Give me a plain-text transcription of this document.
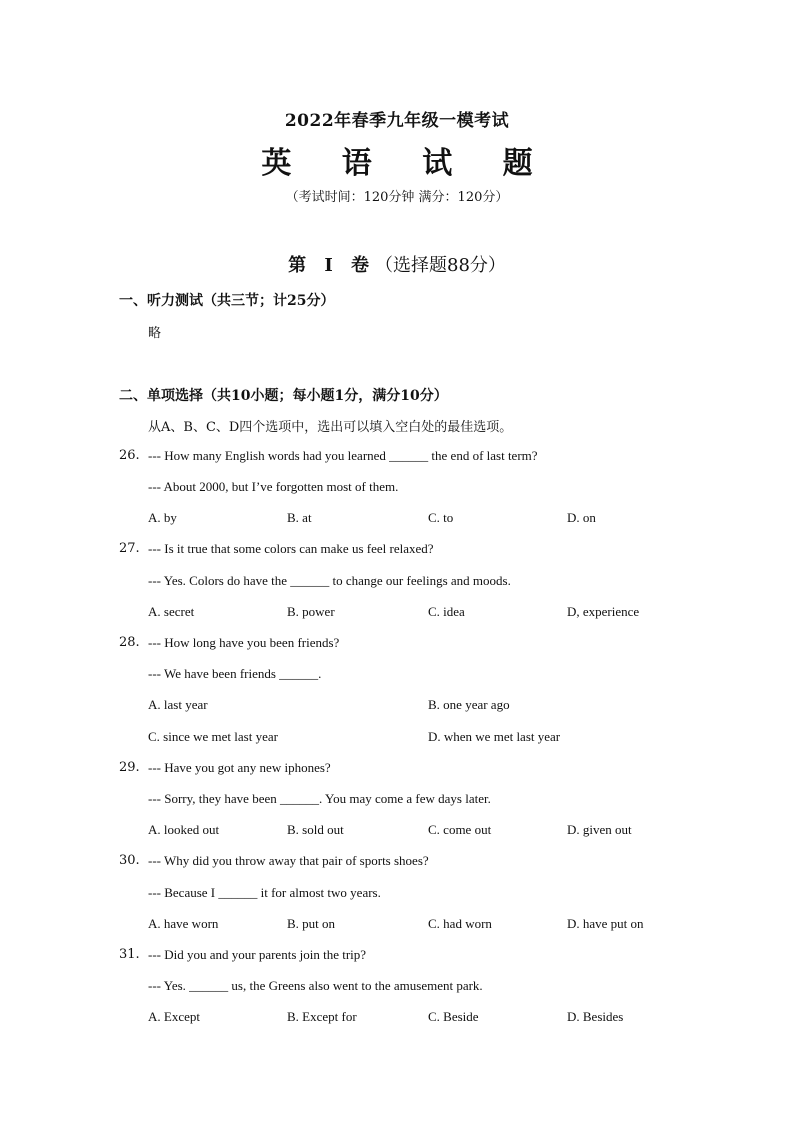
2022年春季九年级一模考试
英 语 试 题
（考试时间：120分钟 满分：120分）
第 Ⅰ 卷（选择题88分）
一、听力测试（共三节；计25分）
略
二、单项选择（共10小题；每小题1分，满分10分）
从A、B、C、D四个选项中，选出可以填入空白处的最佳选项。
26. --- How many English words had you learned ______ the end of last term?
--- About 2000, but I’ve forgotten most of them.
A. by	B. at	C. to	D. on
27. --- Is it true that some colors can make us feel relaxed?
--- Yes. Colors do have the ______ to change our feelings and moods.
A. secret	B. power	C. idea	D, experience
28. --- How long have you been friends?
--- We have been friends ______.
A. last year	B. one year ago
C. since we met last year	D. when we met last year
29. --- Have you got any new iphones?
--- Sorry, they have been ______. You may come a few days later.
A. looked out	B. sold out	C. come out	D. given out
30. --- Why did you throw away that pair of sports shoes?
--- Because I ______ it for almost two years.
A. have worn	B. put on	C. had worn	D. have put on
31. --- Did you and your parents join the trip?
--- Yes. ______ us, the Greens also went to the amusement park.
A. Except	B. Except for	C. Beside	D. Besides
